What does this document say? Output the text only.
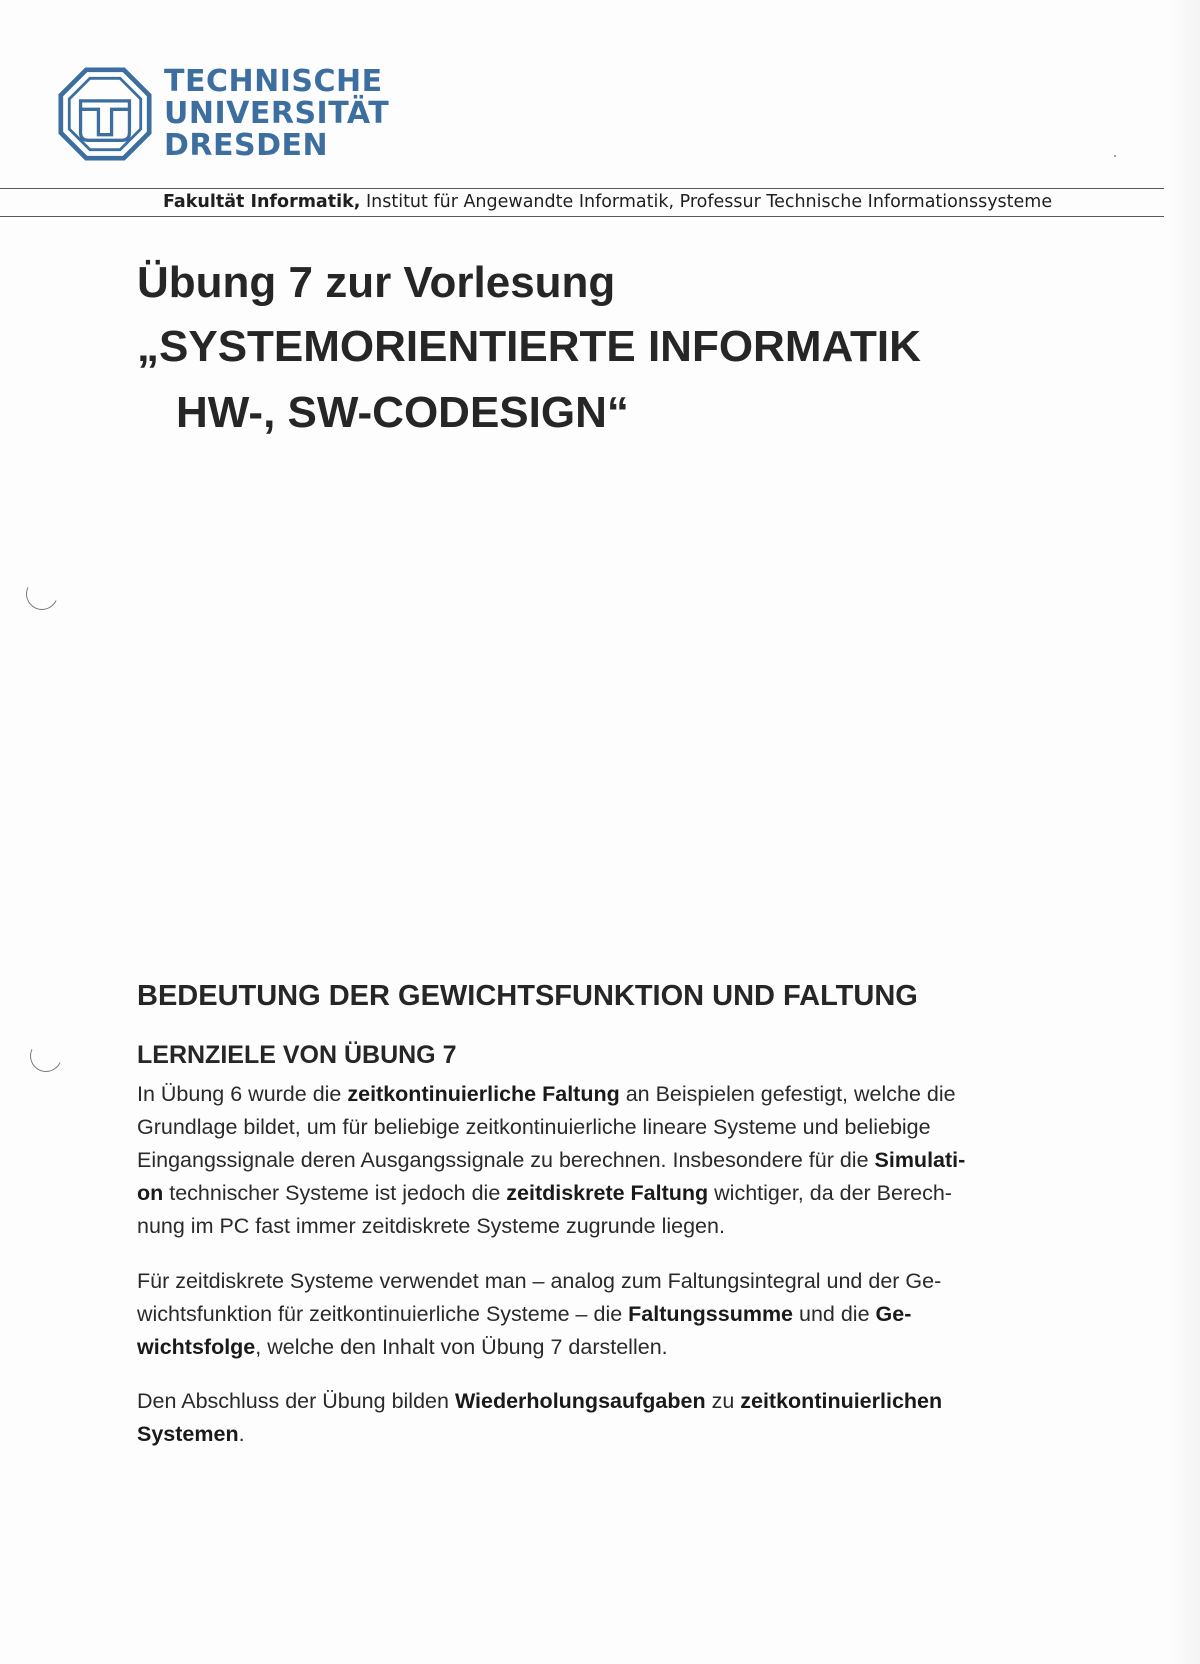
TECHNISCHE
UNIVERSITÄT
DRESDEN
Fakultät Informatik, Institut für Angewandte Informatik, Professur Technische Informationssysteme
Übung 7 zur Vorlesung
„SYSTEMORIENTIERTE INFORMATIK
HW-, SW-CODESIGN“
BEDEUTUNG DER GEWICHTSFUNKTION UND FALTUNG
LERNZIELE VON ÜBUNG 7
In Übung 6 wurde die zeitkontinuierliche Faltung an Beispielen gefestigt, welche die
Grundlage bildet, um für beliebige zeitkontinuierliche lineare Systeme und beliebige
Eingangssignale deren Ausgangssignale zu berechnen. Insbesondere für die Simulati-
on technischer Systeme ist jedoch die zeitdiskrete Faltung wichtiger, da der Berech-
nung im PC fast immer zeitdiskrete Systeme zugrunde liegen.
Für zeitdiskrete Systeme verwendet man – analog zum Faltungsintegral und der Ge-
wichtsfunktion für zeitkontinuierliche Systeme – die Faltungssumme und die Ge-
wichtsfolge, welche den Inhalt von Übung 7 darstellen.
Den Abschluss der Übung bilden Wiederholungsaufgaben zu zeitkontinuierlichen
Systemen.
